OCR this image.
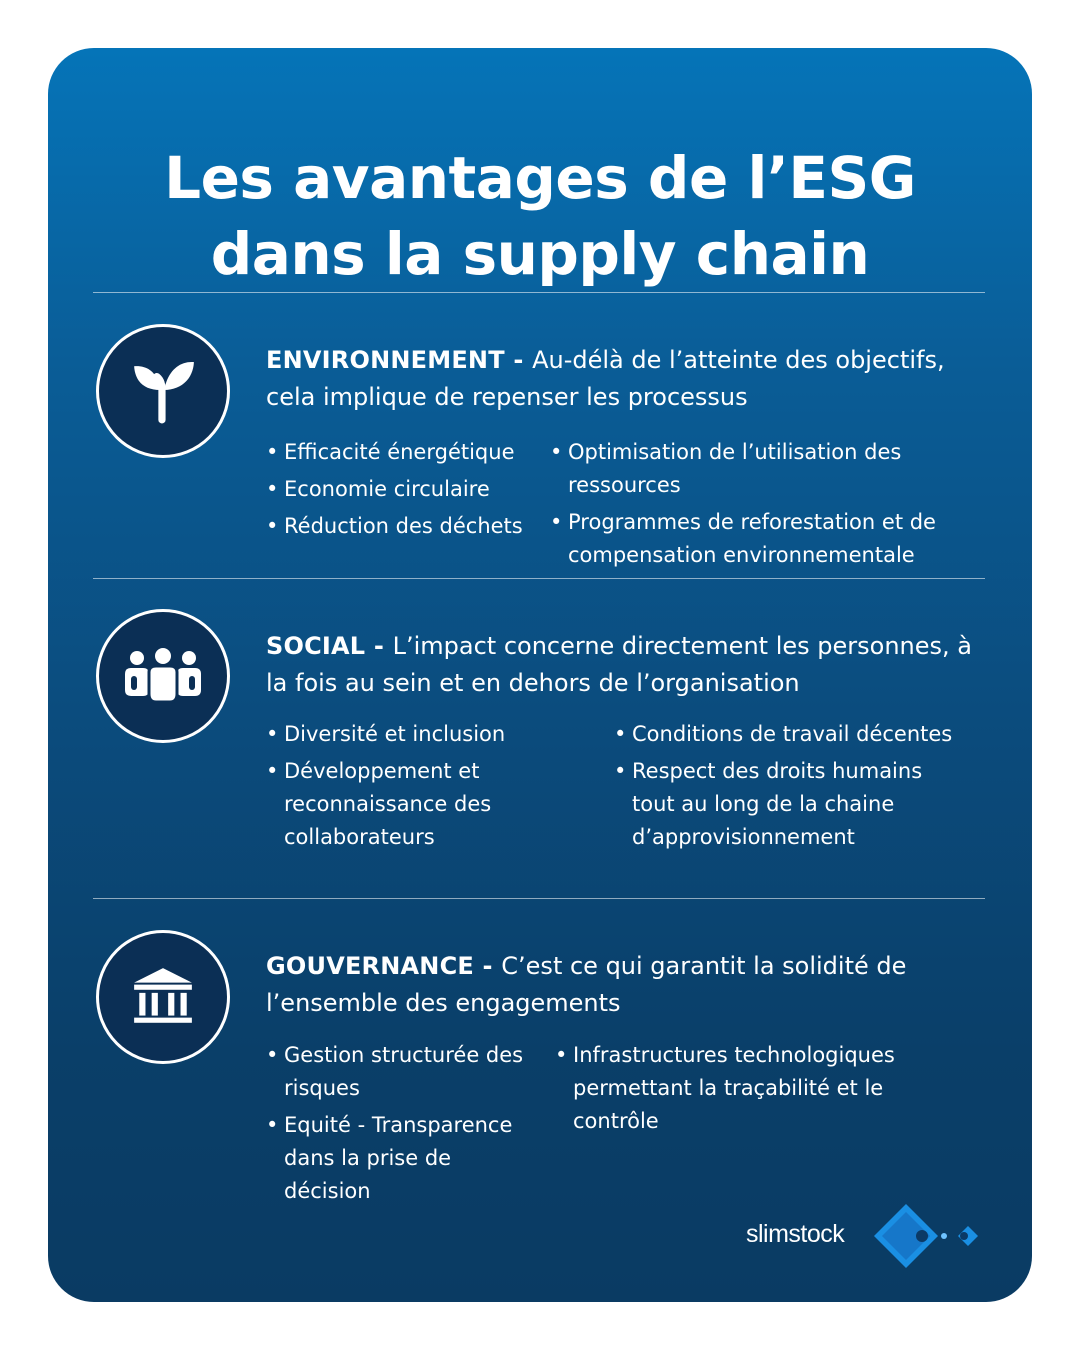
Les avantages de l’ESG
dans la supply chain
ENVIRONNEMENT - Au-délà de l’atteinte des objectifs, cela implique de repenser les processus
• Efficacité énergétique
• Economie circulaire
• Réduction des déchets
• Optimisation de l’utilisation des ressources
• Programmes de reforestation et de compensation environnementale
SOCIAL - L’impact concerne directement les personnes, à la fois au sein et en dehors de l’organisation
• Diversité et inclusion
• Développement et reconnaissance des collaborateurs
• Conditions de travail décentes
• Respect des droits humains tout au long de la chaine d’approvisionnement
GOUVERNANCE - C’est ce qui garantit la solidité de l’ensemble des engagements
• Gestion structurée des risques
• Equité - Transparence dans la prise de décision
• Infrastructures technologiques permettant la traçabilité et le contrôle
slimstock
